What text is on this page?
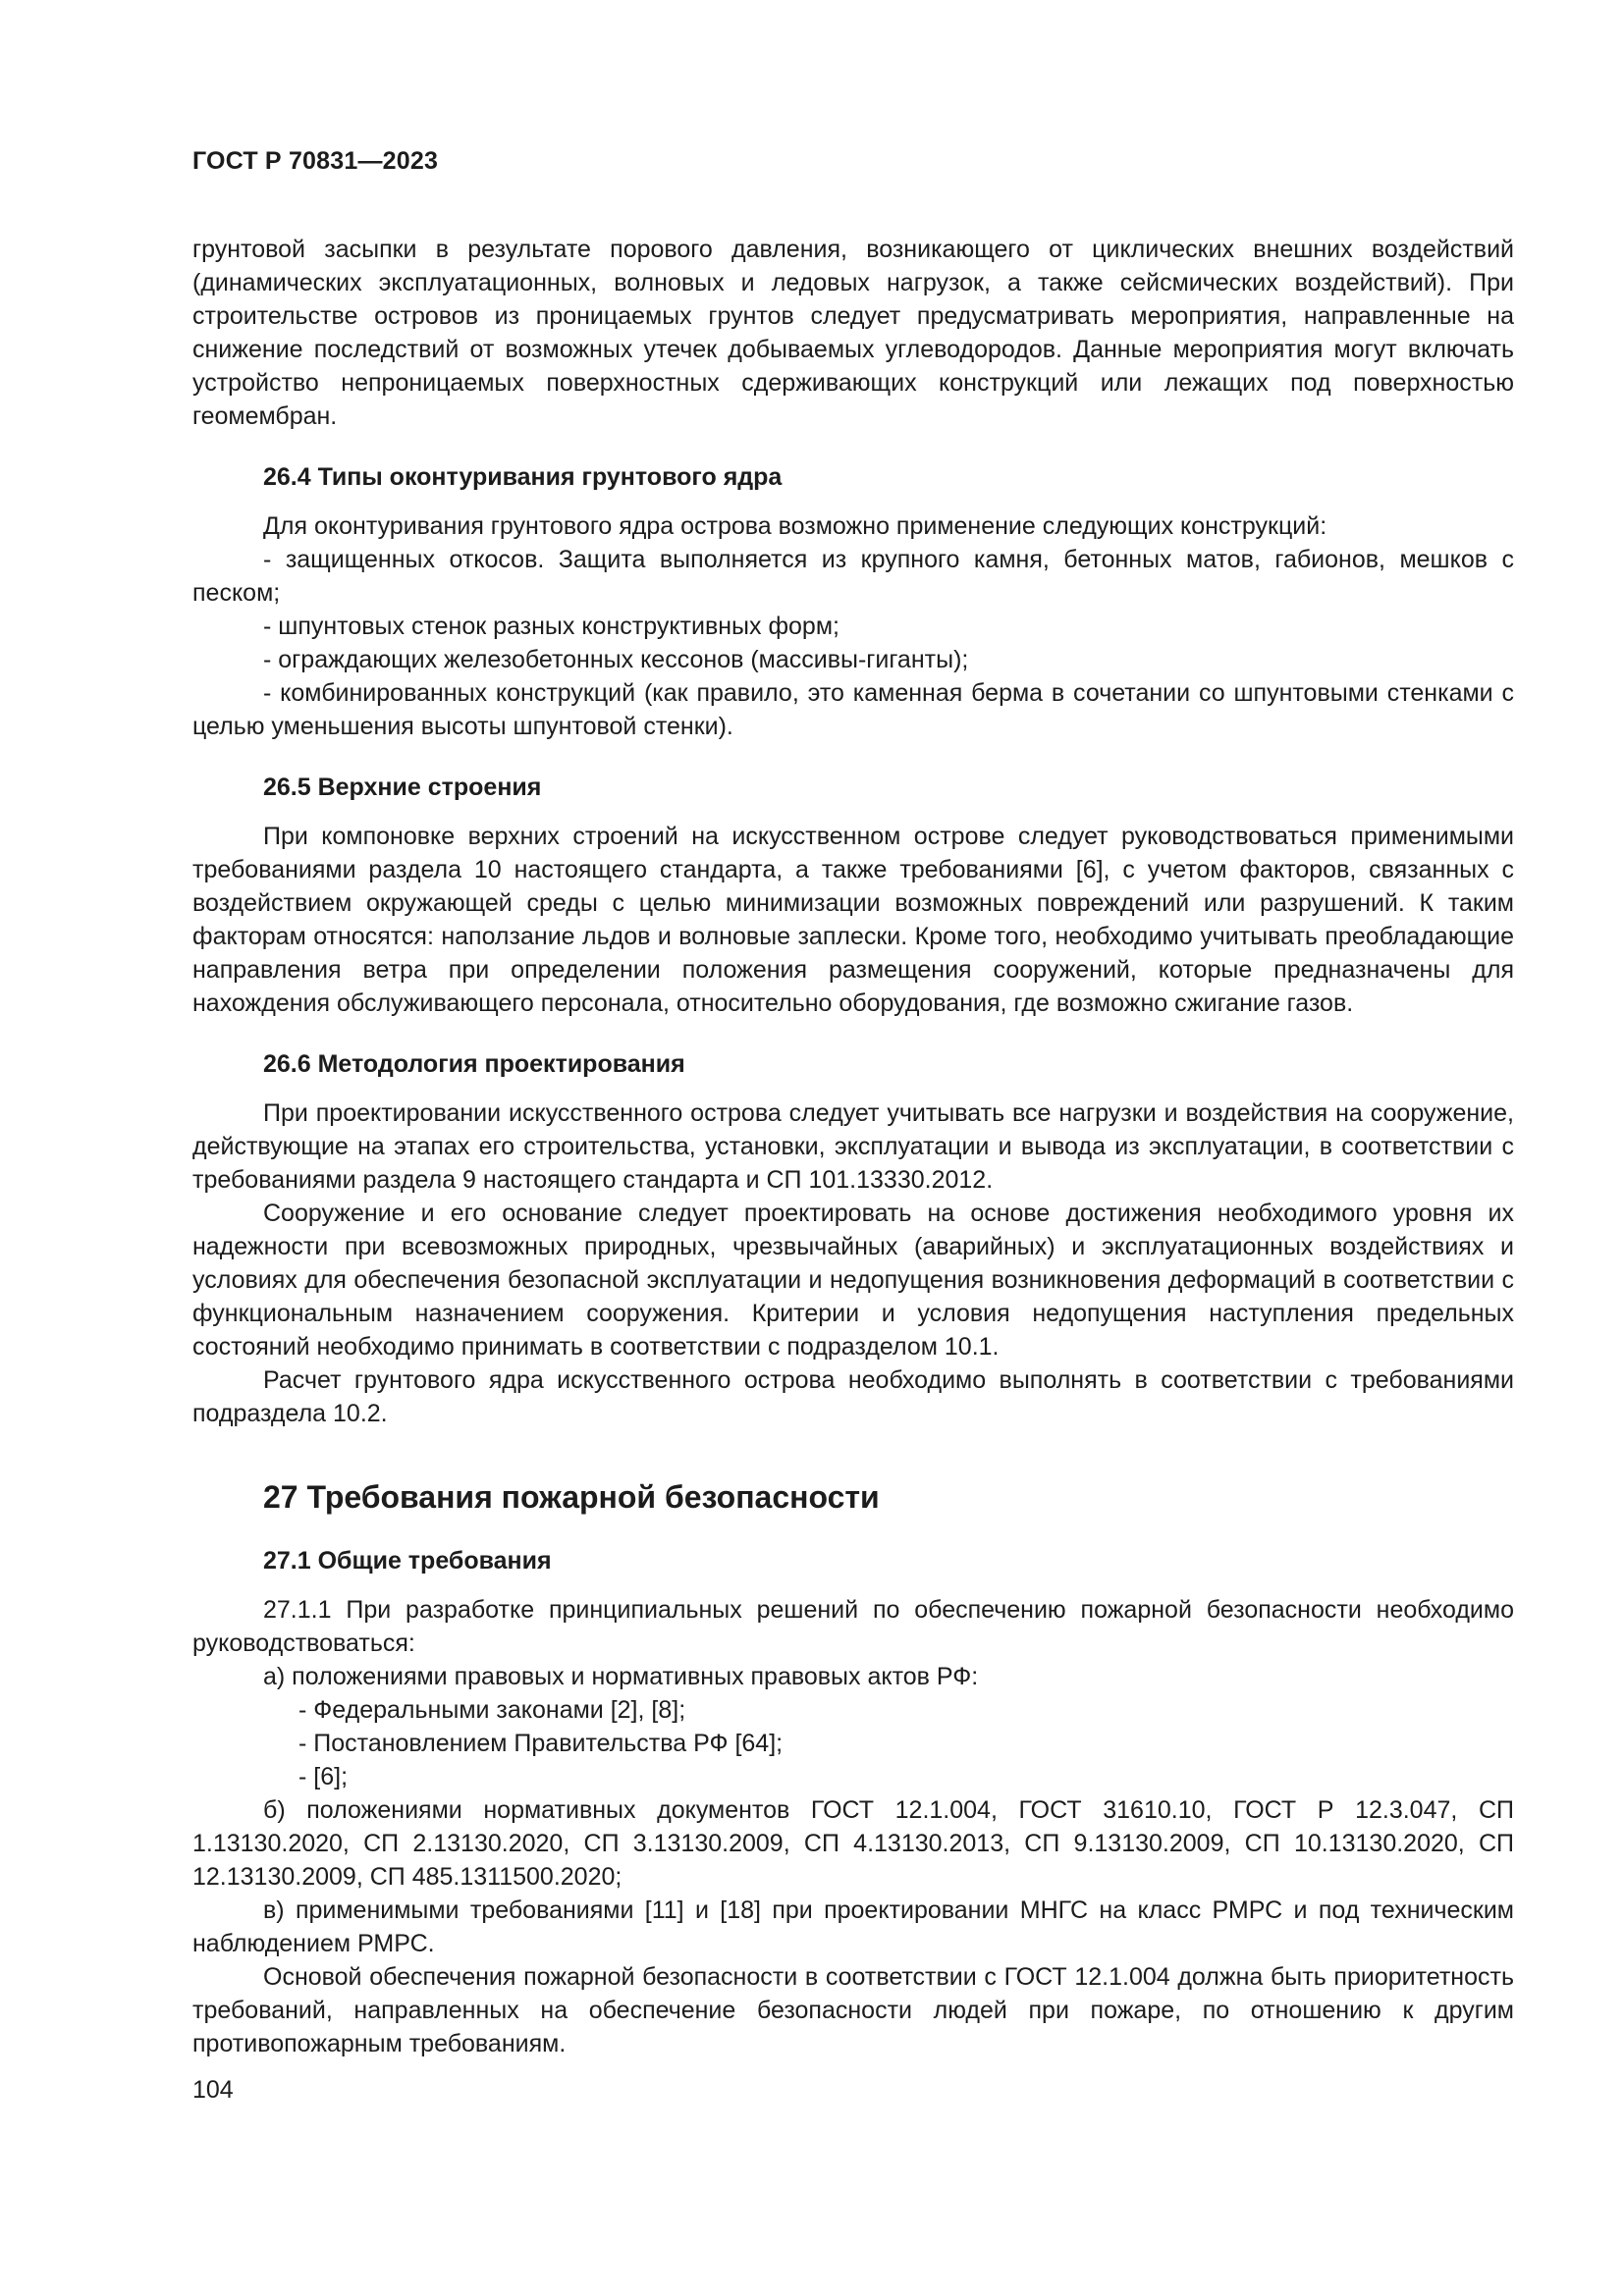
ГОСТ Р 70831—2023

грунтовой засыпки в результате порового давления, возникающего от циклических внешних воздействий (динамических эксплуатационных, волновых и ледовых нагрузок, а также сейсмических воздействий). При строительстве островов из проницаемых грунтов следует предусматривать мероприятия, направленные на снижение последствий от возможных утечек добываемых углеводородов. Данные мероприятия могут включать устройство непроницаемых поверхностных сдерживающих конструкций или лежащих под поверхностью геомембран.

26.4 Типы оконтуривания грунтового ядра

Для оконтуривания грунтового ядра острова возможно применение следующих конструкций:

- защищенных откосов. Защита выполняется из крупного камня, бетонных матов, габионов, мешков с песком;

- шпунтовых стенок разных конструктивных форм;

- ограждающих железобетонных кессонов (массивы-гиганты);

- комбинированных конструкций (как правило, это каменная берма в сочетании со шпунтовыми стенками с целью уменьшения высоты шпунтовой стенки).

26.5 Верхние строения

При компоновке верхних строений на искусственном острове следует руководствоваться применимыми требованиями раздела 10 настоящего стандарта, а также требованиями [6], с учетом факторов, связанных с воздействием окружающей среды с целью минимизации возможных повреждений или разрушений. К таким факторам относятся: наползание льдов и волновые заплески. Кроме того, необходимо учитывать преобладающие направления ветра при определении положения размещения сооружений, которые предназначены для нахождения обслуживающего персонала, относительно оборудования, где возможно сжигание газов.

26.6 Методология проектирования

При проектировании искусственного острова следует учитывать все нагрузки и воздействия на сооружение, действующие на этапах его строительства, установки, эксплуатации и вывода из эксплуатации, в соответствии с требованиями раздела 9 настоящего стандарта и СП 101.13330.2012.

Сооружение и его основание следует проектировать на основе достижения необходимого уровня их надежности при всевозможных природных, чрезвычайных (аварийных) и эксплуатационных воздействиях и условиях для обеспечения безопасной эксплуатации и недопущения возникновения деформаций в соответствии с функциональным назначением сооружения. Критерии и условия недопущения наступления предельных состояний необходимо принимать в соответствии с подразделом 10.1.

Расчет грунтового ядра искусственного острова необходимо выполнять в соответствии с требованиями подраздела 10.2.

27 Требования пожарной безопасности
27.1 Общие требования

27.1.1 При разработке принципиальных решений по обеспечению пожарной безопасности необходимо руководствоваться:

а) положениями правовых и нормативных правовых актов РФ:

- Федеральными законами [2], [8];

- Постановлением Правительства РФ [64];

- [6];

б) положениями нормативных документов ГОСТ 12.1.004, ГОСТ 31610.10, ГОСТ Р 12.3.047, СП 1.13130.2020, СП 2.13130.2020, СП 3.13130.2009, СП 4.13130.2013, СП 9.13130.2009, СП 10.13130.2020, СП 12.13130.2009, СП 485.1311500.2020;

в) применимыми требованиями [11] и [18] при проектировании МНГС на класс РМРС и под техническим наблюдением РМРС.

Основой обеспечения пожарной безопасности в соответствии с ГОСТ 12.1.004 должна быть приоритетность требований, направленных на обеспечение безопасности людей при пожаре, по отношению к другим противопожарным требованиям.

104
